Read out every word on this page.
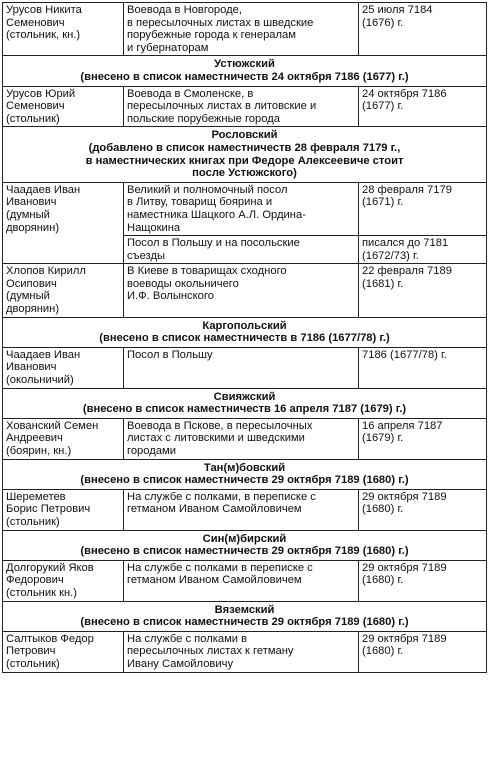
Урусов Никита
Семенович
(стольник, кн.)	Воевода в Новгороде,
в пересылочных листах в шведские
порубежные города к генералам
и губернаторам	25 июля 7184
(1676) г.

Устюжский
(внесено в список наместничеств 24 октября 7186 (1677) г.)		

Урусов Юрий
Семенович
(стольник)	Воевода в Смоленске, в
пересылочных листах в литовские и
польские порубежные города	24 октября 7186
(1677) г.

Рословский
(добавлено в список наместничеств 28 февраля 7179 г.,
в наместнических книгах при Федоре Алексеевиче стоит
после Устюжского)		

Чаадаев Иван
Иванович
(думный
дворянин)	Великий и полномочный посол
в Литву, товарищ боярина и
наместника Шацкого А.Л. Ордина-
Нащокина	28 февраля 7179
(1671) г.

	Посол в Польшу и на посольские
съезды	писался до 7181
(1672/73) г.

Хлопов Кирилл
Осипович
(думный
дворянин)	В Киеве в товарищах сходного
воеводы окольничего
И.Ф. Волынского	22 февраля 7189
(1681) г.

Каргопольский
(внесено в список наместничеств в 7186 (1677/78) г.)		

Чаадаев Иван
Иванович
(окольничий)	Посол в Польшу	7186 (1677/78) г.

Свияжский
(внесено в список наместничеств 16 апреля 7187 (1679) г.)		

Хованский Семен
Андреевич
(боярин, кн.)	Воевода в Пскове, в пересылочных
листах с литовскими и шведскими
городами	16 апреля 7187
(1679) г.

Тан(м)бовский
(внесено в список наместничеств 29 октября 7189 (1680) г.)		

Шереметев
Борис Петрович
(стольник)	На службе с полками, в переписке с
гетманом Иваном Самойловичем	29 октября 7189
(1680) г.

Син(м)бирский
(внесено в список наместничеств 29 октября 7189 (1680) г.)		

Долгорукий Яков
Федорович
(стольник кн.)	На службе с полками в переписке с
гетманом Иваном Самойловичем	29 октября 7189
(1680) г.

Вяземский
(внесено в список наместничеств 29 октября 7189 (1680) г.)		

Салтыков Федор
Петрович
(стольник)	На службе с полками в
пересылочных листах к гетману
Ивану Самойловичу	29 октября 7189
(1680) г.
